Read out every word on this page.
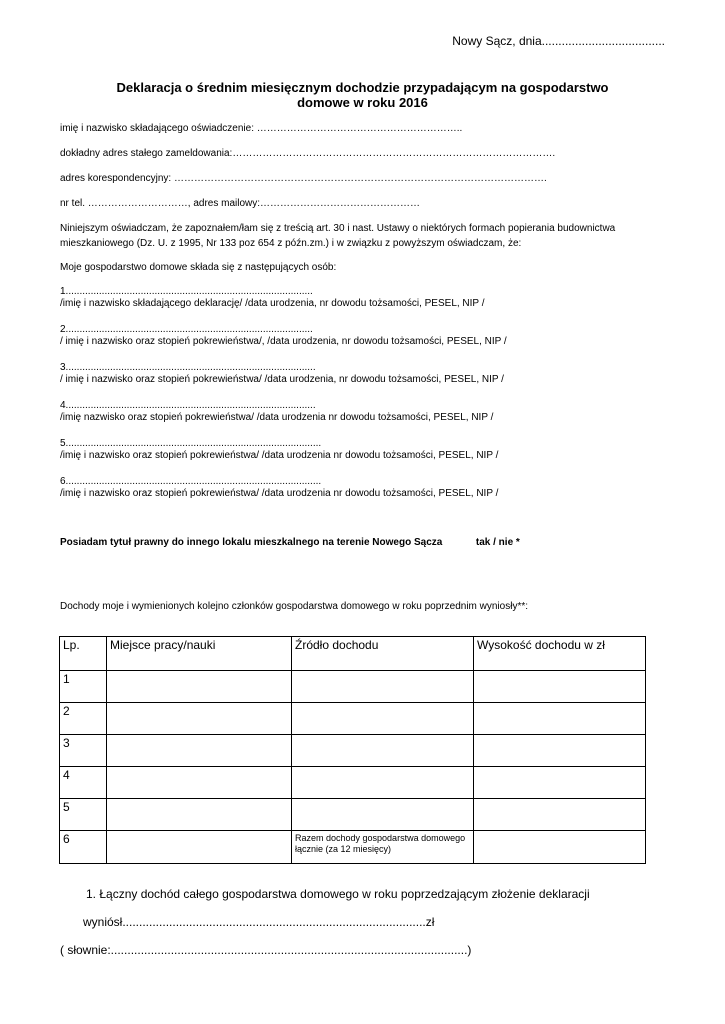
Nowy Sącz, dnia.....................................
Deklaracja o średnim miesięcznym dochodzie przypadającym na gospodarstwo
domowe w roku 2016
imię i nazwisko składającego oświadczenie: ……………………………………………………..
dokładny adres stałego zameldowania:…………………………………………………………………………………….
adres korespondencyjny: ………………………………………………………………………………………………….
nr tel. …………………………, adres mailowy:…………………………………………
Niniejszym oświadczam, że zapoznałem/łam się z treścią art. 30 i nast. Ustawy o niektórych formach popierania budownictwa mieszkaniowego (Dz. U. z 1995, Nr 133 poz 654 z późn.zm.) i w związku z powyższym oświadczam, że:
Moje gospodarstwo domowe składa się z następujących osób:
1.........................................................................................
/imię i nazwisko składającego deklarację/ /data urodzenia, nr dowodu tożsamości, PESEL, NIP /
2.........................................................................................
/ imię i nazwisko oraz stopień pokrewieństwa/, /data urodzenia, nr dowodu tożsamości, PESEL, NIP /
3..........................................................................................
/ imię i nazwisko oraz stopień pokrewieństwa/ /data urodzenia, nr dowodu tożsamości, PESEL, NIP /
4..........................................................................................
/imię nazwisko oraz stopień pokrewieństwa/ /data urodzenia nr dowodu tożsamości, PESEL, NIP /
5............................................................................................
/imię i nazwisko oraz stopień pokrewieństwa/ /data urodzenia nr dowodu tożsamości, PESEL, NIP /
6............................................................................................
/imię i nazwisko oraz stopień pokrewieństwa/ /data urodzenia nr dowodu tożsamości, PESEL, NIP /
Posiadam tytuł prawny do innego lokalu mieszkalnego na terenie Nowego Sącza	tak / nie *
Dochody moje i wymienionych kolejno członków gospodarstwa domowego w roku poprzednim wyniosły**:
Lp.	Miejsce pracy/nauki	Źródło dochodu	Wysokość dochodu w zł
1			
2			
3			
4			
5			
6		Razem dochody gospodarstwa domowego łącznie (za 12 miesięcy)	
1. Łączny dochód całego gospodarstwa domowego w roku poprzedzającym złożenie deklaracji
wyniósł...........................................................................................zł
( słownie:...........................................................................................................)
